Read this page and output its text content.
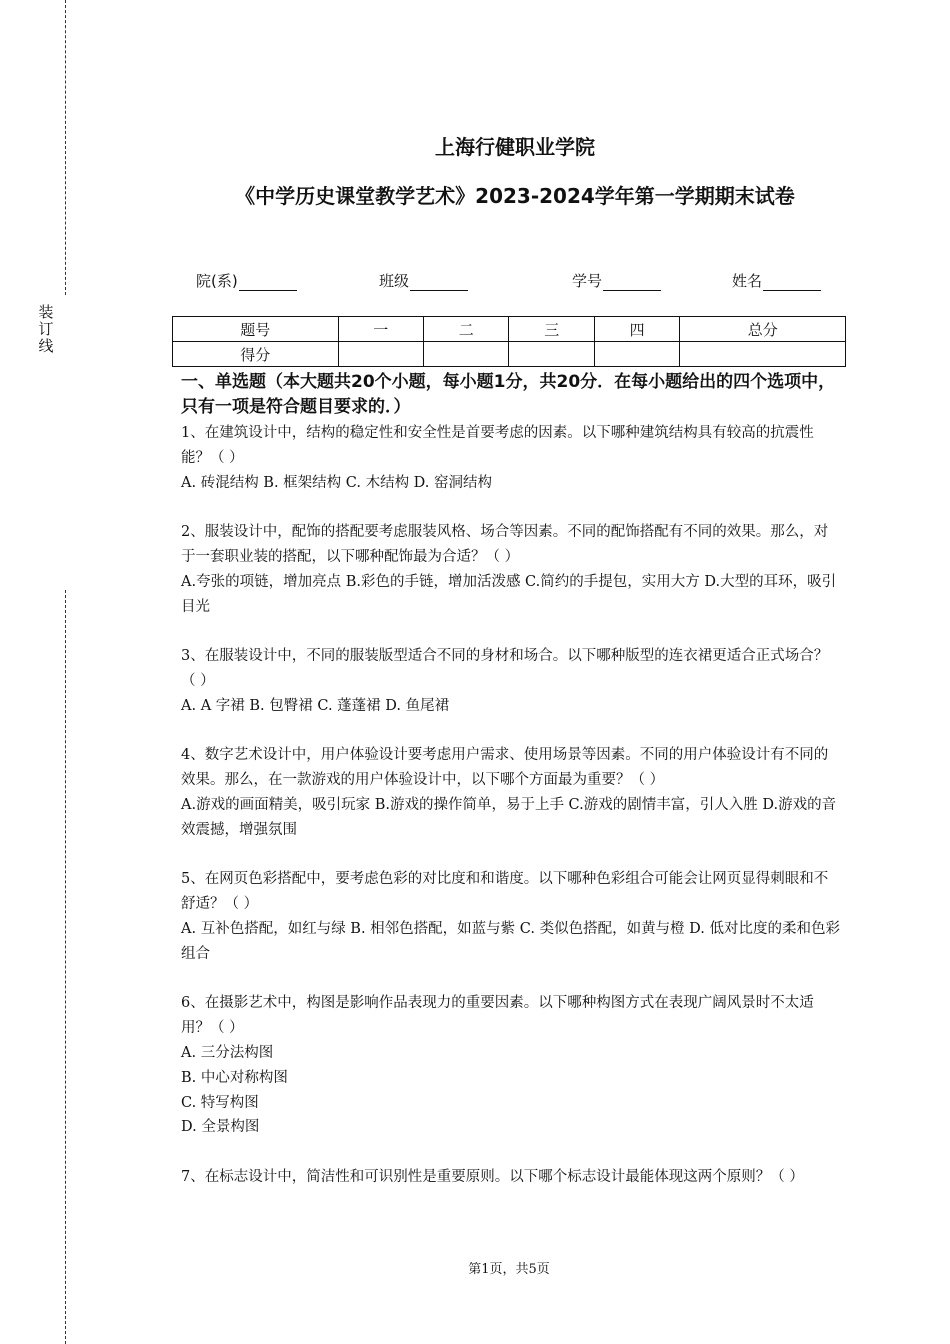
装
订
线
上海行健职业学院
《中学历史课堂教学艺术》2023-2024学年第一学期期末试卷
院(系)	班级	学号	姓名
题号	一	二	三	四	总分
得分					
一、单选题（本大题共20个小题，每小题1分，共20分．在每小题给出的四个选项中，只有一项是符合题目要求的．）

1、在建筑设计中，结构的稳定性和安全性是首要考虑的因素。以下哪种建筑结构具有较高的抗震性能？（ ）

A. 砖混结构 B. 框架结构 C. 木结构 D. 窑洞结构

2、服装设计中，配饰的搭配要考虑服装风格、场合等因素。不同的配饰搭配有不同的效果。那么，对于一套职业装的搭配，以下哪种配饰最为合适？（ ）

A.夸张的项链，增加亮点 B.彩色的手链，增加活泼感 C.简约的手提包，实用大方 D.大型的耳环，吸引目光

3、在服装设计中，不同的服装版型适合不同的身材和场合。以下哪种版型的连衣裙更适合正式场合？（ ）

A. A 字裙 B. 包臀裙 C. 蓬蓬裙 D. 鱼尾裙

4、数字艺术设计中，用户体验设计要考虑用户需求、使用场景等因素。不同的用户体验设计有不同的效果。那么，在一款游戏的用户体验设计中，以下哪个方面最为重要？（ ）

A.游戏的画面精美，吸引玩家 B.游戏的操作简单，易于上手 C.游戏的剧情丰富，引人入胜 D.游戏的音效震撼，增强氛围

5、在网页色彩搭配中，要考虑色彩的对比度和和谐度。以下哪种色彩组合可能会让网页显得刺眼和不舒适？（ ）

A. 互补色搭配，如红与绿 B. 相邻色搭配，如蓝与紫 C. 类似色搭配，如黄与橙 D. 低对比度的柔和色彩组合

6、在摄影艺术中，构图是影响作品表现力的重要因素。以下哪种构图方式在表现广阔风景时不太适用？（ ）

A. 三分法构图

B. 中心对称构图

C. 特写构图

D. 全景构图

7、在标志设计中，简洁性和可识别性是重要原则。以下哪个标志设计最能体现这两个原则？（ ）

第1页，共5页
